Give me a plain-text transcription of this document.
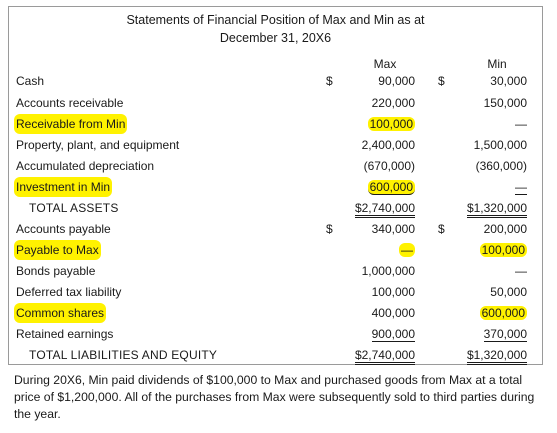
Statements of Financial Position of Max and Min as at
December 31, 20X6
Max	Min
Cash	$	90,000 $	30,000
Accounts receivable	220,000	150,000
Receivable from Min	100,000	—
Property, plant, and equipment	2,400,000	1,500,000
Accumulated depreciation	(670,000)	(360,000)
Investment in Min	600,000	—
TOTAL ASSETS	$2,740,000	$1,320,000
Accounts payable	$	340,000 $	200,000
Payable to Max	—	100,000
Bonds payable	1,000,000	—
Deferred tax liability	100,000	50,000
Common shares	400,000	600,000
Retained earnings	900,000	370,000
TOTAL LIABILITIES AND EQUITY	$2,740,000	$1,320,000
During 20X6, Min paid dividends of $100,000 to Max and purchased goods from Max at a total price of $1,200,000. All of the purchases from Max were subsequently sold to third parties during the year.
